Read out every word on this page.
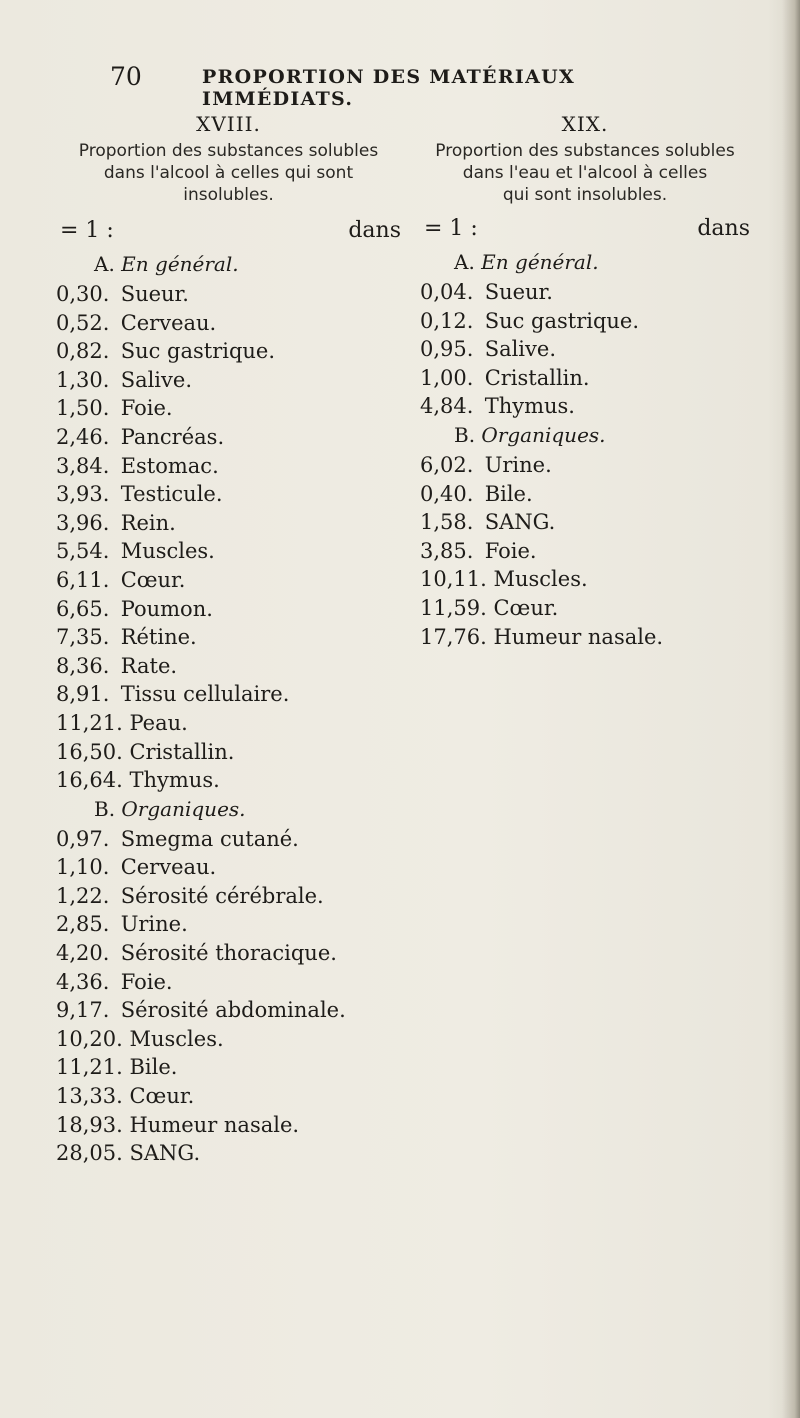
70	PROPORTION DES MATÉRIAUX IMMÉDIATS.
XVIII.
Proportion des substances solubles
dans l'alcool à celles qui sont
insolubles.
= 1 :	dans
A. En général.
0,30. Sueur.
0,52. Cerveau.
0,82. Suc gastrique.
1,30. Salive.
1,50. Foie.
2,46. Pancréas.
3,84. Estomac.
3,93. Testicule.
3,96. Rein.
5,54. Muscles.
6,11. Cœur.
6,65. Poumon.
7,35. Rétine.
8,36. Rate.
8,91. Tissu cellulaire.
11,21. Peau.
16,50. Cristallin.
16,64. Thymus.
B. Organiques.
0,97. Smegma cutané.
1,10. Cerveau.
1,22. Sérosité cérébrale.
2,85. Urine.
4,20. Sérosité thoracique.
4,36. Foie.
9,17. Sérosité abdominale.
10,20. Muscles.
11,21. Bile.
13,33. Cœur.
18,93. Humeur nasale.
28,05. SANG.
XIX.
Proportion des substances solubles
dans l'eau et l'alcool à celles
qui sont insolubles.
= 1 :	dans
A. En général.
0,04. Sueur.
0,12. Suc gastrique.
0,95. Salive.
1,00. Cristallin.
4,84. Thymus.
B. Organiques.
6,02. Urine.
0,40. Bile.
1,58. SANG.
3,85. Foie.
10,11. Muscles.
11,59. Cœur.
17,76. Humeur nasale.
